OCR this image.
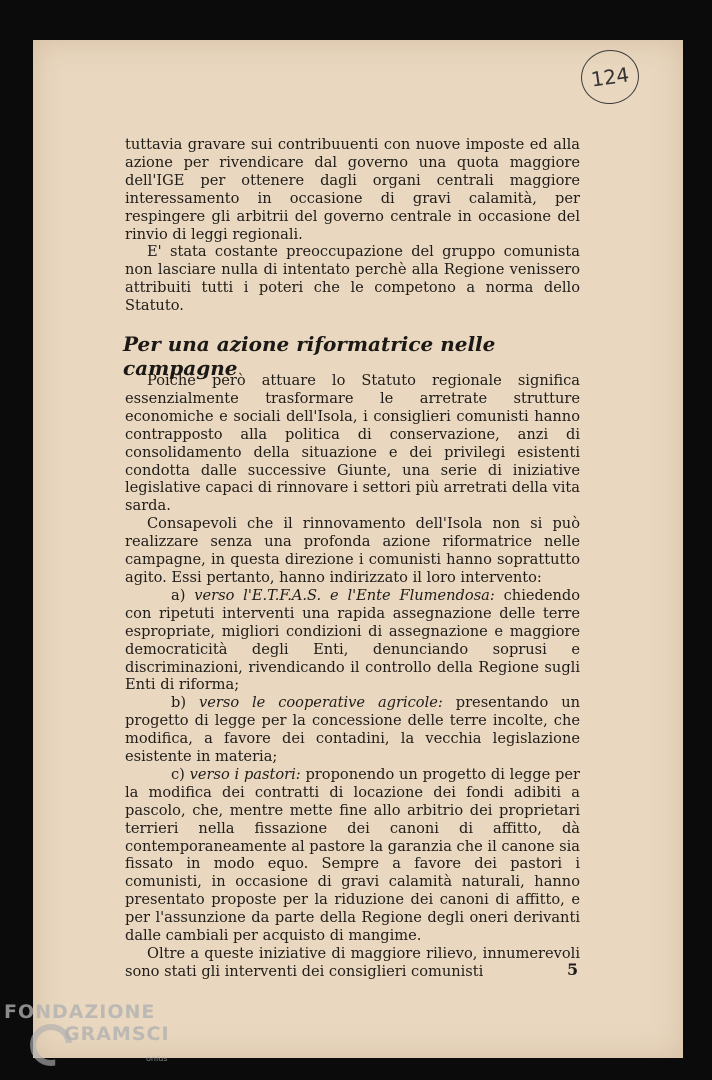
124

tuttavia gravare sui contribuuenti con nuove imposte ed alla azione per rivendicare dal governo una quota maggiore dell'IGE per ottenere dagli organi centrali maggiore interessamento in occasione di gravi calamità, per respingere gli arbitrii del governo centrale in occasione del rinvio di leggi regionali.

E' stata costante preoccupazione del gruppo comunista non lasciare nulla di intentato perchè alla Regione venissero attribuiti tutti i poteri che le competono a norma dello Statuto.

Per una azione riformatrice nelle campagne

Poichè però attuare lo Statuto regionale significa essenzialmente trasformare le arretrate strutture economiche e sociali dell'Isola, i consiglieri comunisti hanno contrapposto alla politica di conservazione, anzi di consolidamento della situazione e dei privilegi esistenti condotta dalle successive Giunte, una serie di iniziative legislative capaci di rinnovare i settori più arretrati della vita sarda.

Consapevoli che il rinnovamento dell'Isola non si può realizzare senza una profonda azione riformatrice nelle campagne, in questa direzione i comunisti hanno soprattutto agito. Essi pertanto, hanno indirizzato il loro intervento:

a) verso l'E.T.F.A.S. e l'Ente Flumendosa: chiedendo con ripetuti interventi una rapida assegnazione delle terre espropriate, migliori condizioni di assegnazione e maggiore democraticità degli Enti, denunciando soprusi e discriminazioni, rivendicando il controllo della Regione sugli Enti di riforma;

b) verso le cooperative agricole: presentando un progetto di legge per la concessione delle terre incolte, che modifica, a favore dei contadini, la vecchia legislazione esistente in materia;

c) verso i pastori: proponendo un progetto di legge per la modifica dei contratti di locazione dei fondi adibiti a pascolo, che, mentre mette fine allo arbitrio dei proprietari terrieri nella fissazione dei canoni di affitto, dà contemporaneamente al pastore la garanzia che il canone sia fissato in modo equo. Sempre a favore dei pastori i comunisti, in occasione di gravi calamità naturali, hanno presentato proposte per la riduzione dei canoni di affitto, e per l'assunzione da parte della Regione degli oneri derivanti dalle cambiali per acquisto di mangime.

Oltre a queste iniziative di maggiore rilievo, innumerevoli sono stati gli interventi dei consiglieri comunisti	5
FONDAZIONE
GRAMSCI
onlus
